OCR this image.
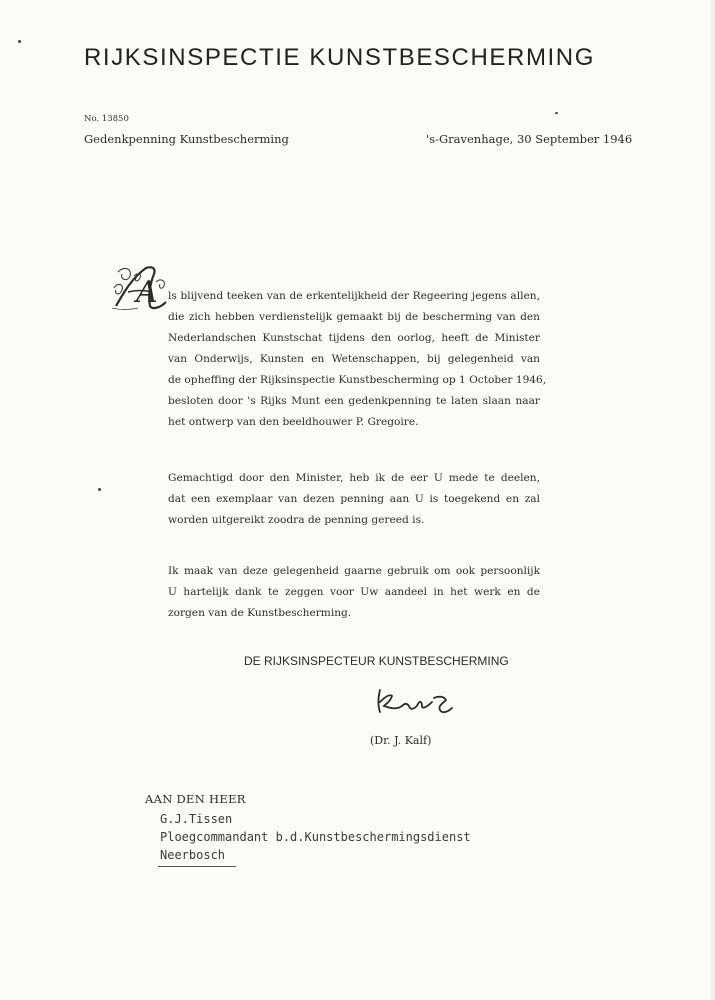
RIJKSINSPECTIE KUNSTBESCHERMING
No. 13850
Gedenkpenning Kunstbescherming	's-Gravenhage, 30 September 1946
A ls blijvend teeken van de erkentelijkheid der Regeering jegens allen,
die zich hebben verdienstelijk gemaakt bij de bescherming van den
Nederlandschen Kunstschat tijdens den oorlog, heeft de Minister
van Onderwijs, Kunsten en Wetenschappen, bij gelegenheid van
de opheffing der Rijksinspectie Kunstbescherming op 1 October 1946,
besloten door 's Rijks Munt een gedenkpenning te laten slaan naar
het ontwerp van den beeldhouwer P. Gregoire.
Gemachtigd door den Minister, heb ik de eer U mede te deelen,
dat een exemplaar van dezen penning aan U is toegekend en zal
worden uitgereikt zoodra de penning gereed is.
Ik maak van deze gelegenheid gaarne gebruik om ook persoonlijk
U hartelijk dank te zeggen voor Uw aandeel in het werk en de
zorgen van de Kunstbescherming.
DE RIJKSINSPECTEUR KUNSTBESCHERMING
(Dr. J. Kalf)
AAN DEN HEER
G.J.Tissen
Ploegcommandant b.d.Kunstbeschermingsdienst
Neerbosch
